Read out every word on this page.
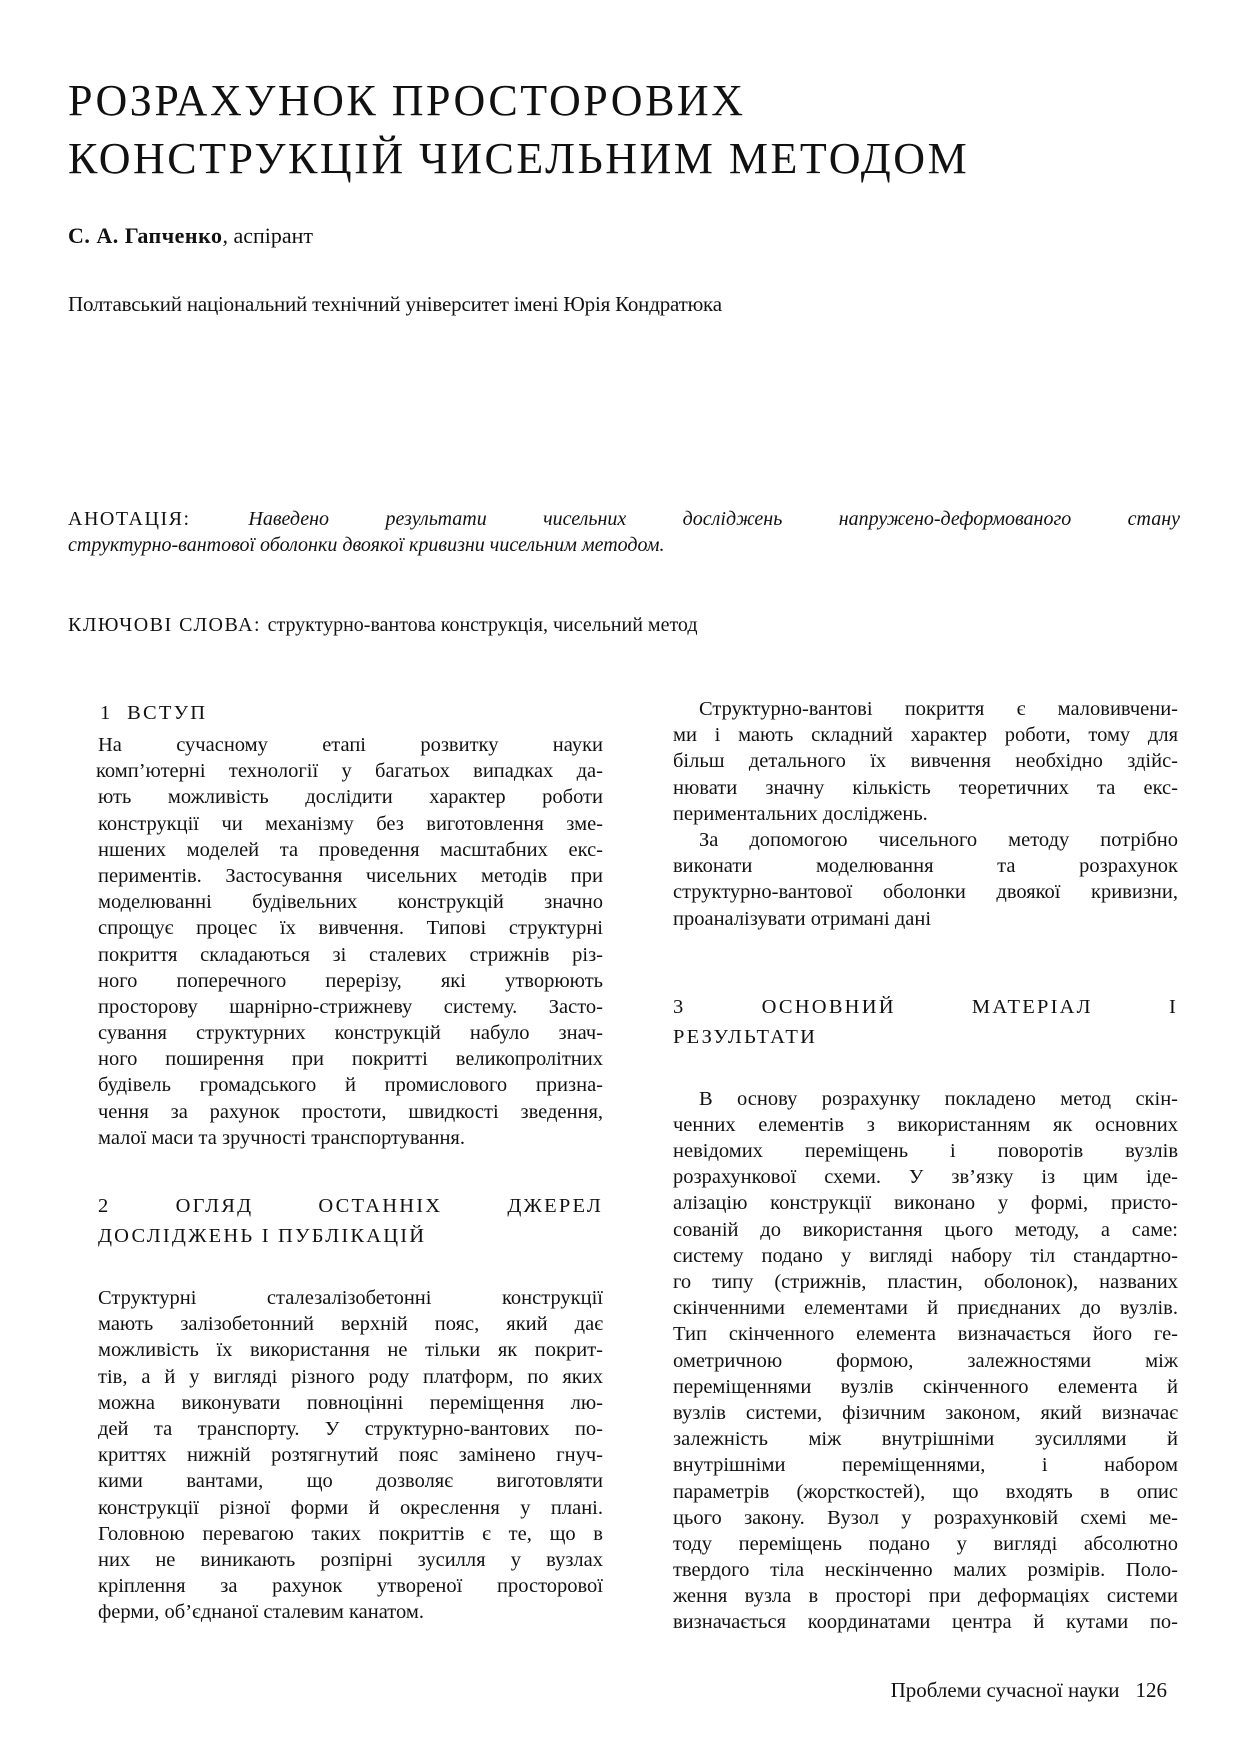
РОЗРАХУНОК ПРОСТОРОВИХ
КОНСТРУКЦІЙ ЧИСЕЛЬНИМ МЕТОДОМ
С. А. Гапченко, аспірант
Полтавський національний технічний університет імені Юрія Кондратюка
АНОТАЦІЯ: Наведено результати чисельних досліджень напружено-деформованого стану
структурно-вантової оболонки двоякої кривизни чисельним методом.
КЛЮЧОВІ СЛОВА: структурно-вантова конструкція, чисельний метод
1  ВСТУП
На сучасному етапі розвитку науки
комп’ютерні технології у багатьох випадках да-
ють можливість дослідити характер роботи
конструкції чи механізму без виготовлення зме-
ншених моделей та проведення масштабних екс-
периментів. Застосування чисельних методів при
моделюванні будівельних конструкцій значно
спрощує процес їх вивчення. Типові структурні
покриття складаються зі сталевих стрижнів різ-
ного поперечного перерізу, які утворюють
просторову шарнірно-стрижневу систему. Засто-
сування структурних конструкцій набуло знач-
ного поширення при покритті великопролітних
будівель громадського й промислового призна-
чення за рахунок простоти, швидкості зведення,
малої маси та зручності транспортування.
2 ОГЛЯД ОСТАННІХ ДЖЕРЕЛ
ДОСЛІДЖЕНЬ І ПУБЛІКАЦІЙ
Структурні сталезалізобетонні конструкції
мають залізобетонний верхній пояс, який дає
можливість їх використання не тільки як покрит-
тів, а й у вигляді різного роду платформ, по яких
можна виконувати повноцінні переміщення лю-
дей та транспорту. У структурно-вантових по-
криттях нижній розтягнутий пояс замінено гнуч-
кими вантами, що дозволяє виготовляти
конструкції різної форми й окреслення у плані.
Головною перевагою таких покриттів є те, що в
них не виникають розпірні зусилля у вузлах
кріплення за рахунок утвореної просторової
ферми, об’єднаної сталевим канатом.
Структурно-вантові покриття є маловивчени-
ми і мають складний характер роботи, тому для
більш детального їх вивчення необхідно здійс-
нювати значну кількість теоретичних та екс-
периментальних досліджень.
За допомогою чисельного методу потрібно
виконати моделювання та розрахунок
структурно-вантової оболонки двоякої кривизни,
проаналізувати отримані дані
3 ОСНОВНИЙ МАТЕРІАЛ І
РЕЗУЛЬТАТИ
В основу розрахунку покладено метод скін-
ченних елементів з використанням як основних
невідомих переміщень і поворотів вузлів
розрахункової схеми. У зв’язку із цим іде-
алізацію конструкції виконано у формі, присто-
сованій до використання цього методу, а саме:
систему подано у вигляді набору тіл стандартно-
го типу (стрижнів, пластин, оболонок), названих
скінченними елементами й приєднаних до вузлів.
Тип скінченного елемента визначається його ге-
ометричною формою, залежностями між
переміщеннями вузлів скінченного елемента й
вузлів системи, фізичним законом, який визначає
залежність між внутрішніми зусиллями й
внутрішніми переміщеннями, і набором
параметрів (жорсткостей), що входять в опис
цього закону. Вузол у розрахунковій схемі ме-
тоду переміщень подано у вигляді абсолютно
твердого тіла нескінченно малих розмірів. Поло-
ження вузла в просторі при деформаціях системи
визначається координатами центра й кутами по-
Проблеми сучасної науки 126
